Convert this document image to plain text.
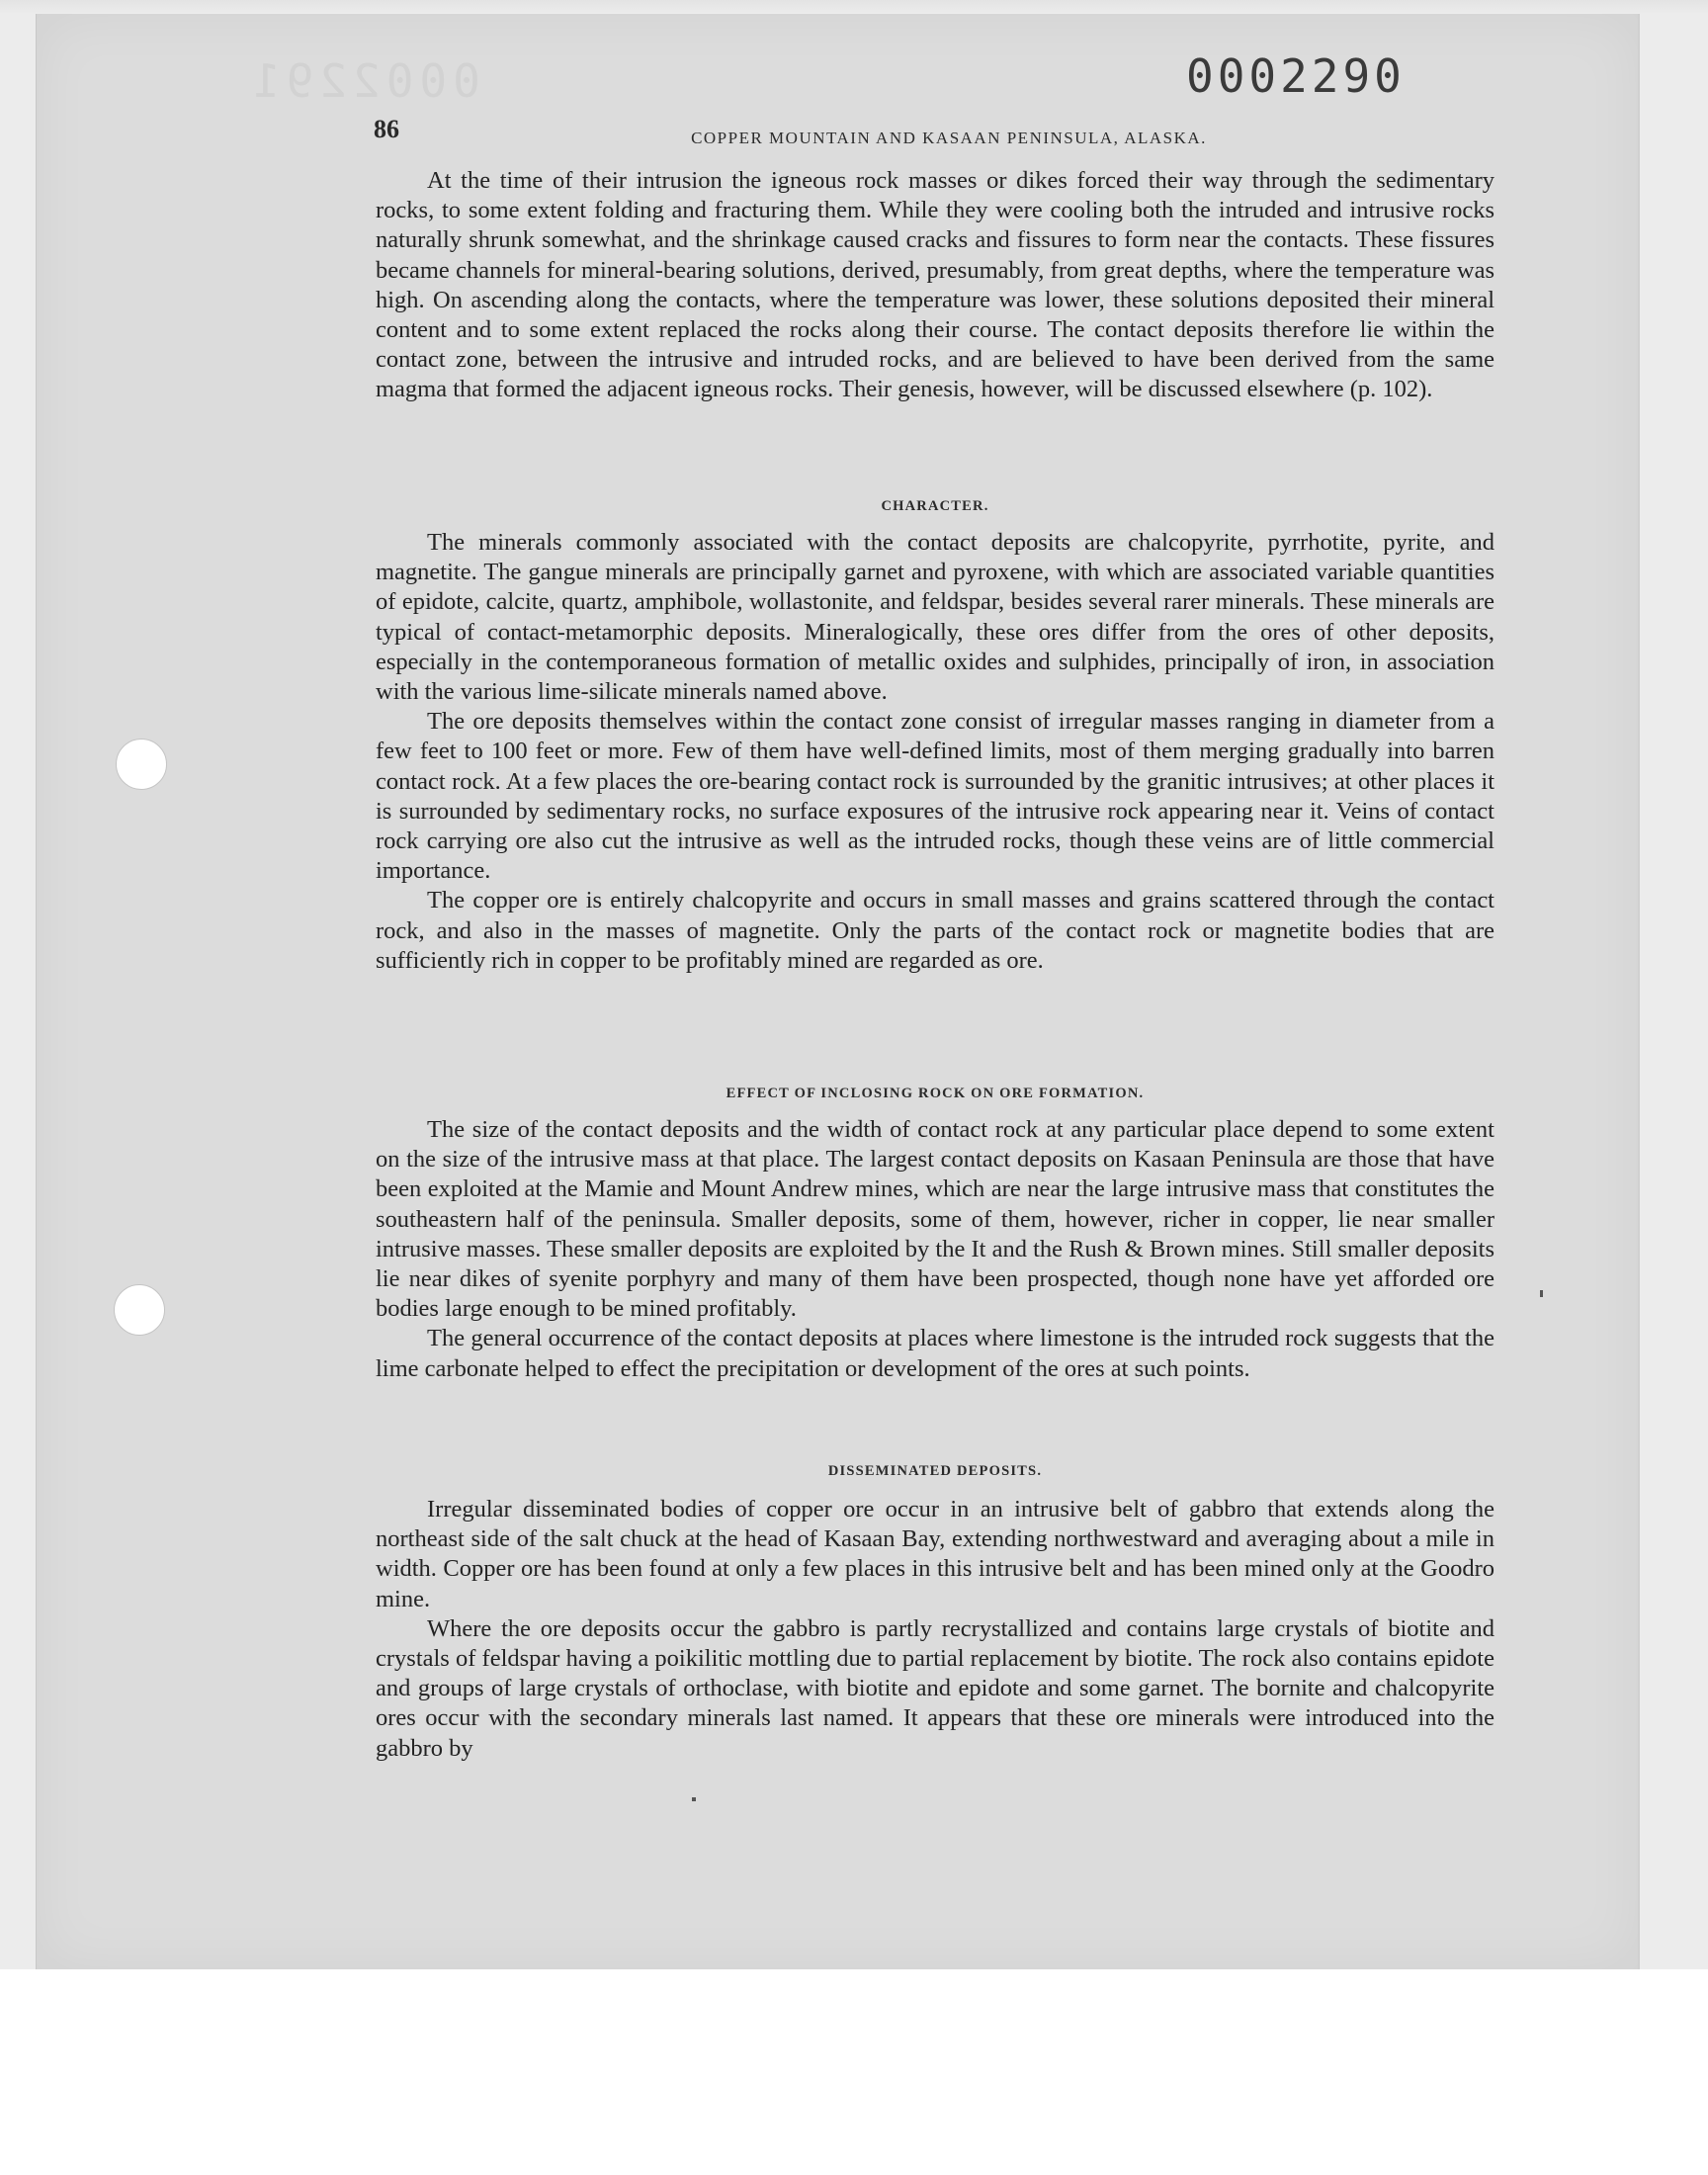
0002291	0002290
86	COPPER MOUNTAIN AND KASAAN PENINSULA, ALASKA.

At the time of their intrusion the igneous rock masses or dikes forced their way through the sedimentary rocks, to some extent folding and fracturing them. While they were cooling both the intruded and intrusive rocks naturally shrunk somewhat, and the shrinkage caused cracks and fissures to form near the contacts. These fissures became channels for mineral-bearing solutions, derived, presumably, from great depths, where the temperature was high. On ascending along the contacts, where the temperature was lower, these solutions deposited their mineral content and to some extent replaced the rocks along their course. The contact deposits therefore lie within the contact zone, between the intrusive and intruded rocks, and are believed to have been derived from the same magma that formed the adjacent igneous rocks. Their genesis, however, will be discussed elsewhere (p. 102).

CHARACTER.

The minerals commonly associated with the contact deposits are chalcopyrite, pyrrhotite, pyrite, and magnetite. The gangue minerals are principally garnet and pyroxene, with which are associated variable quantities of epidote, calcite, quartz, amphibole, wollastonite, and feldspar, besides several rarer minerals. These minerals are typical of contact-metamorphic deposits. Mineralogically, these ores differ from the ores of other deposits, especially in the contemporaneous formation of metallic oxides and sulphides, principally of iron, in association with the various lime-silicate minerals named above.

The ore deposits themselves within the contact zone consist of irregular masses ranging in diameter from a few feet to 100 feet or more. Few of them have well-defined limits, most of them merging gradually into barren contact rock. At a few places the ore-bearing contact rock is surrounded by the granitic intrusives; at other places it is surrounded by sedimentary rocks, no surface exposures of the intrusive rock appearing near it. Veins of contact rock carrying ore also cut the intrusive as well as the intruded rocks, though these veins are of little commercial importance.

The copper ore is entirely chalcopyrite and occurs in small masses and grains scattered through the contact rock, and also in the masses of magnetite. Only the parts of the contact rock or magnetite bodies that are sufficiently rich in copper to be profitably mined are regarded as ore.

EFFECT OF INCLOSING ROCK ON ORE FORMATION.

The size of the contact deposits and the width of contact rock at any particular place depend to some extent on the size of the intrusive mass at that place. The largest contact deposits on Kasaan Peninsula are those that have been exploited at the Mamie and Mount Andrew mines, which are near the large intrusive mass that constitutes the southeastern half of the peninsula. Smaller deposits, some of them, however, richer in copper, lie near smaller intrusive masses. These smaller deposits are exploited by the It and the Rush & Brown mines. Still smaller deposits lie near dikes of syenite porphyry and many of them have been prospected, though none have yet afforded ore bodies large enough to be mined profitably.

The general occurrence of the contact deposits at places where limestone is the intruded rock suggests that the lime carbonate helped to effect the precipitation or development of the ores at such points.

DISSEMINATED DEPOSITS.

Irregular disseminated bodies of copper ore occur in an intrusive belt of gabbro that extends along the northeast side of the salt chuck at the head of Kasaan Bay, extending northwestward and averaging about a mile in width. Copper ore has been found at only a few places in this intrusive belt and has been mined only at the Goodro mine.

Where the ore deposits occur the gabbro is partly recrystallized and contains large crystals of biotite and crystals of feldspar having a poikilitic mottling due to partial replacement by biotite. The rock also contains epidote and groups of large crystals of orthoclase, with biotite and epidote and some garnet. The bornite and chalcopyrite ores occur with the secondary minerals last named. It appears that these ore minerals were introduced into the gabbro by
